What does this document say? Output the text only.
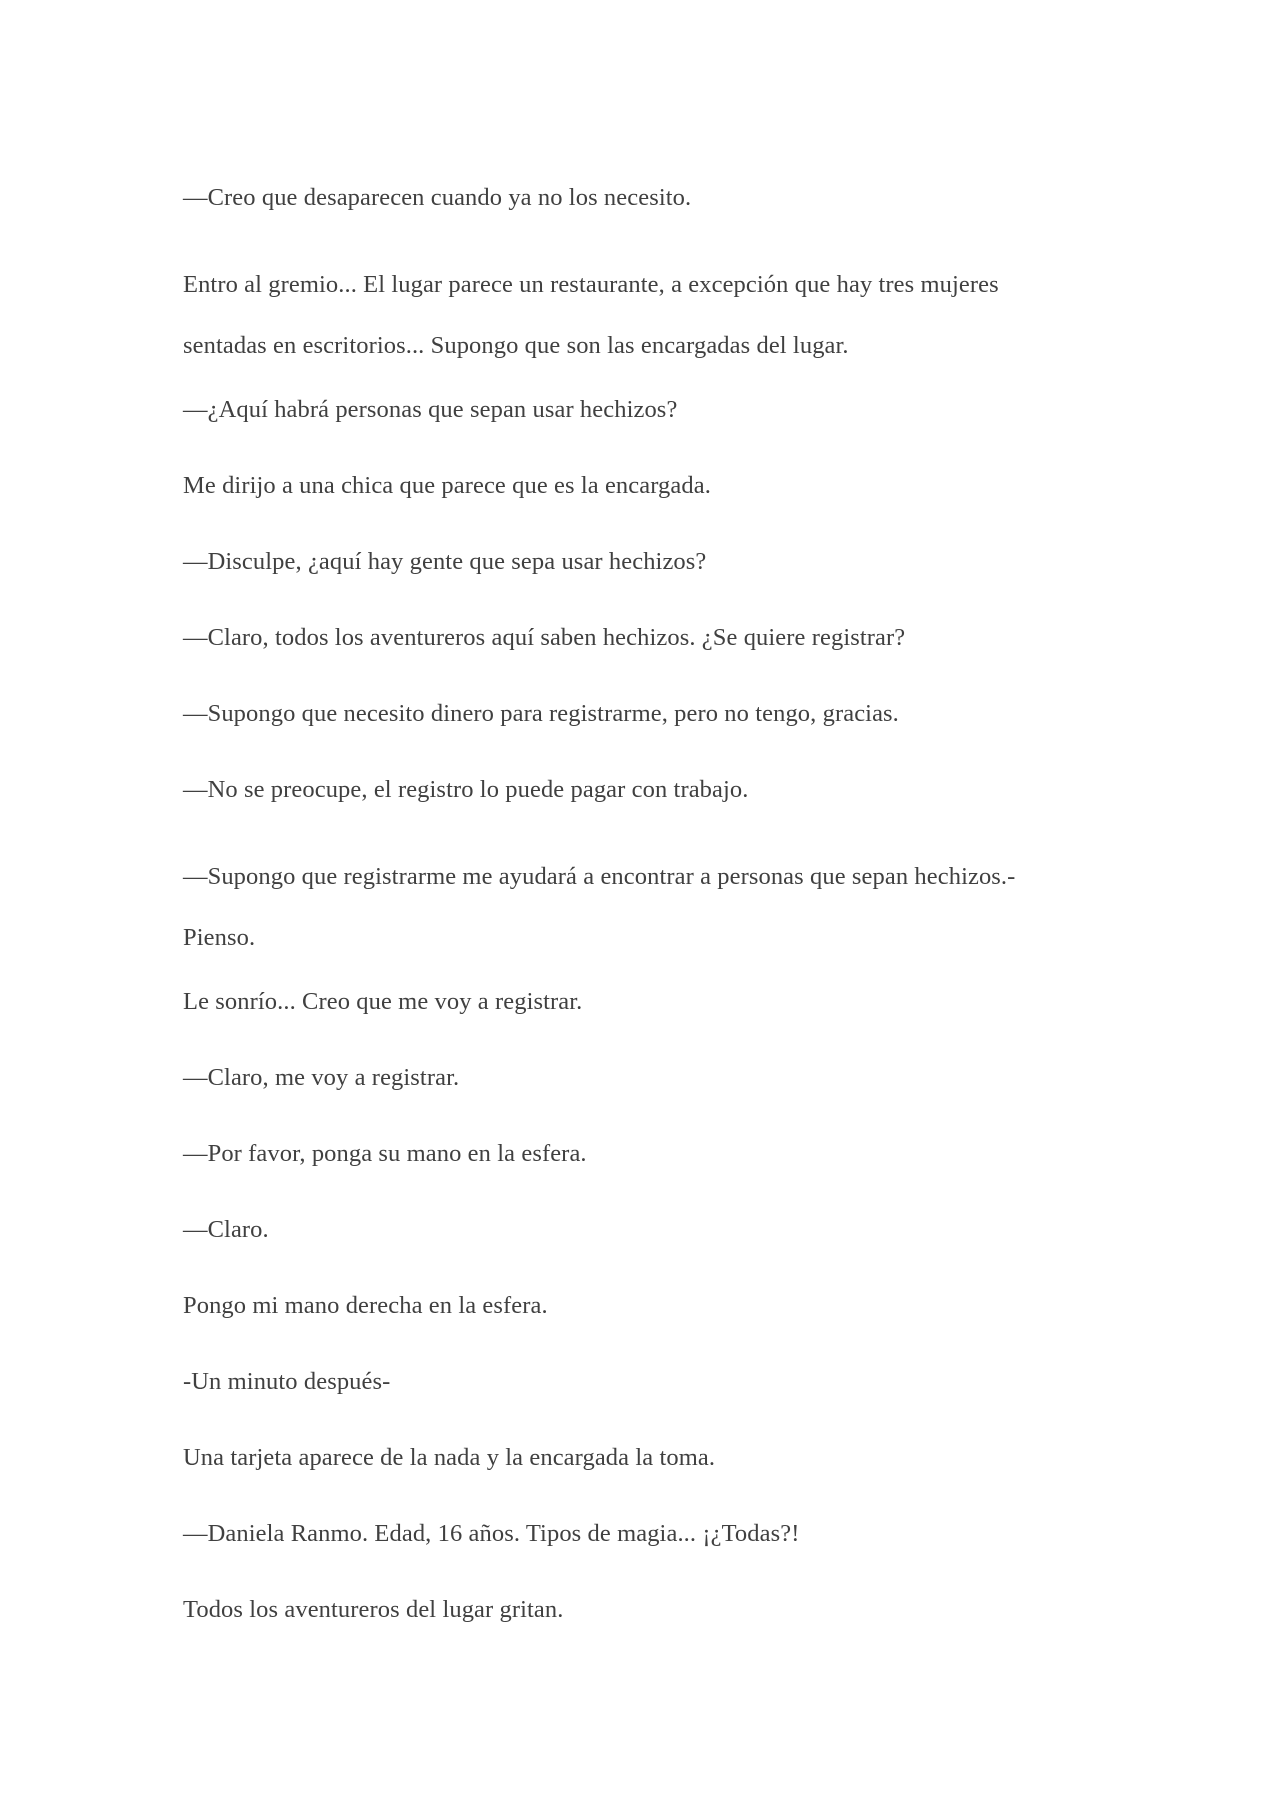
—Creo que desaparecen cuando ya no los necesito.

Entro al gremio... El lugar parece un restaurante, a excepción que hay tres mujeres sentadas en escritorios... Supongo que son las encargadas del lugar.

—¿Aquí habrá personas que sepan usar hechizos?

Me dirijo a una chica que parece que es la encargada.

—Disculpe, ¿aquí hay gente que sepa usar hechizos?

—Claro, todos los aventureros aquí saben hechizos. ¿Se quiere registrar?

—Supongo que necesito dinero para registrarme, pero no tengo, gracias.

—No se preocupe, el registro lo puede pagar con trabajo.

—Supongo que registrarme me ayudará a encontrar a personas que sepan hechizos.- Pienso.

Le sonrío... Creo que me voy a registrar.

—Claro, me voy a registrar.

—Por favor, ponga su mano en la esfera.

—Claro.

Pongo mi mano derecha en la esfera.

-Un minuto después-

Una tarjeta aparece de la nada y la encargada la toma.

—Daniela Ranmo. Edad, 16 años. Tipos de magia... ¡¿Todas?!

Todos los aventureros del lugar gritan.
